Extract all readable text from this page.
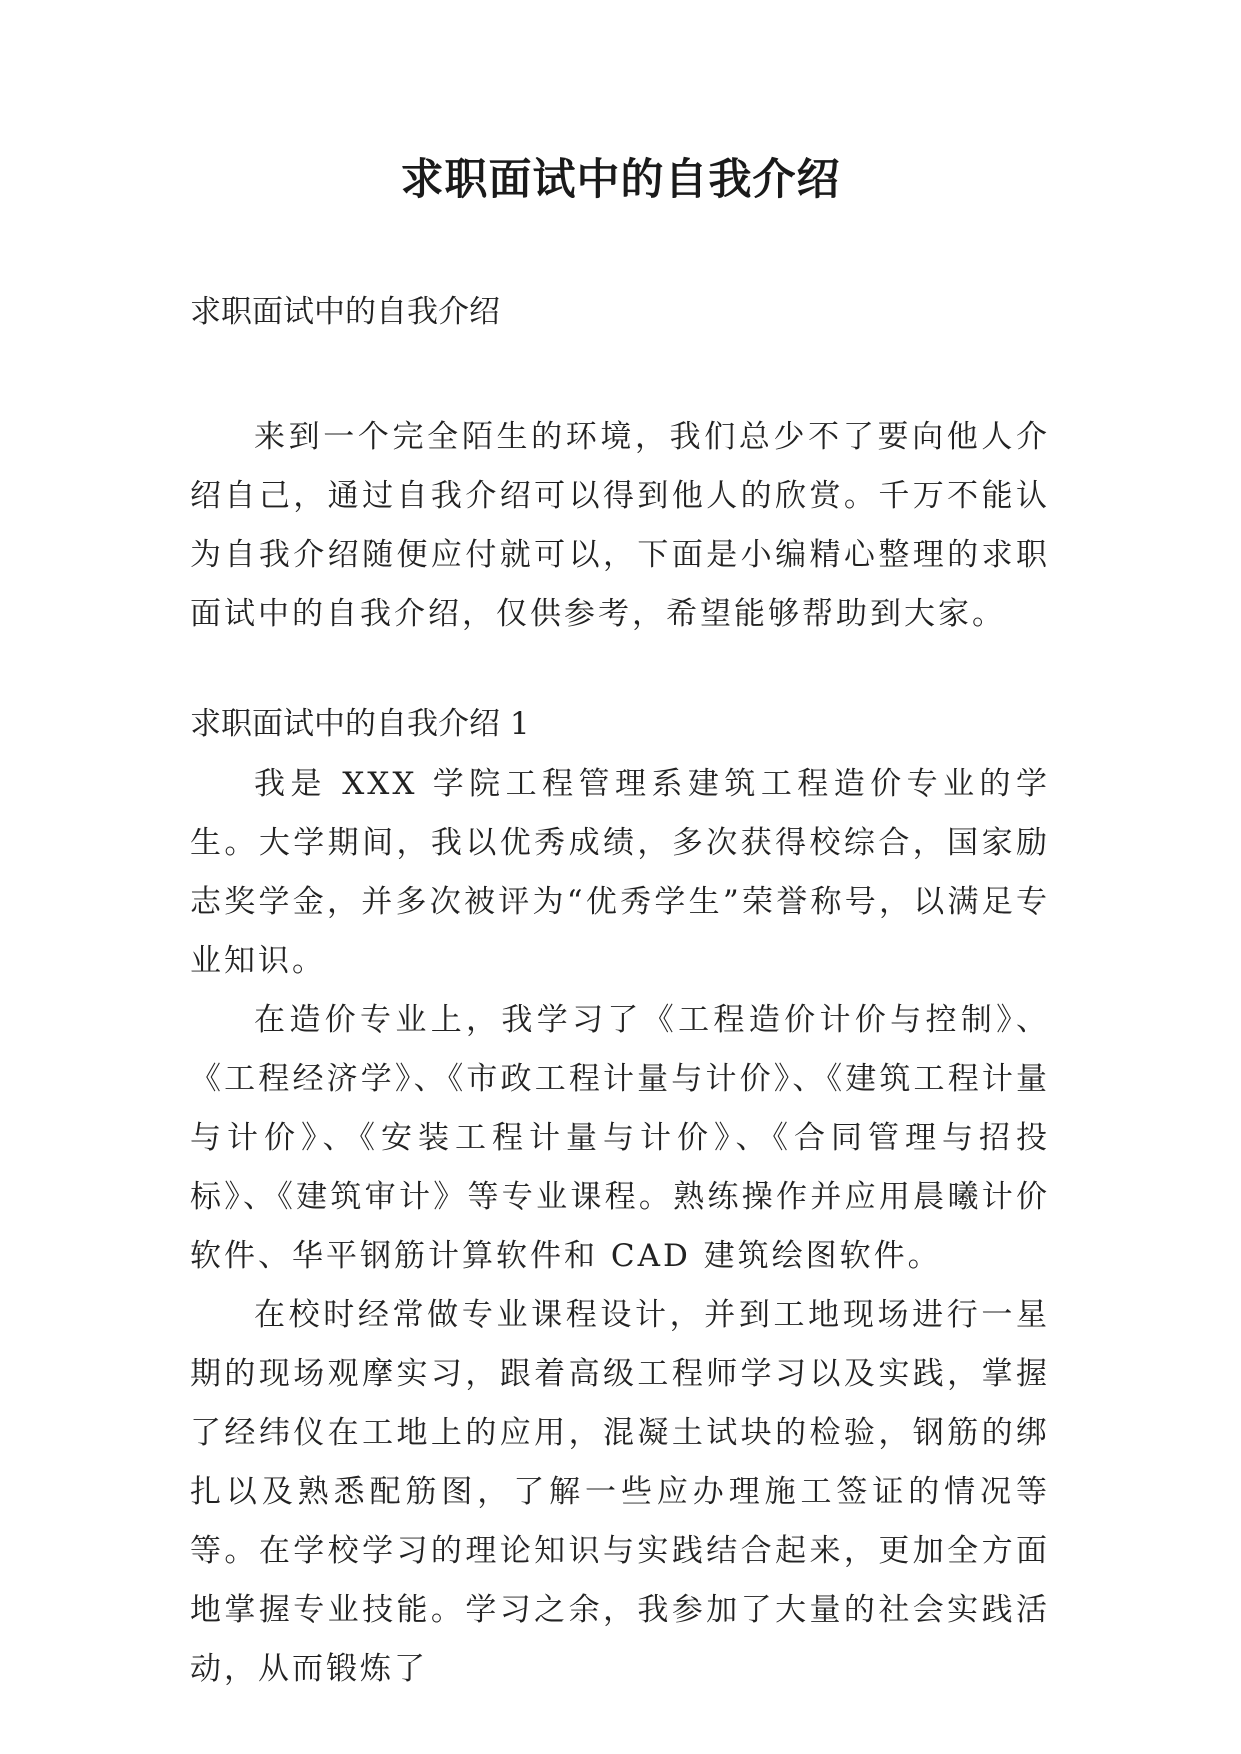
求职面试中的自我介绍

求职面试中的自我介绍

来到一个完全陌生的环境，我们总少不了要向他人介绍自己，通过自我介绍可以得到他人的欣赏。千万不能认为自我介绍随便应付就可以，下面是小编精心整理的求职面试中的自我介绍，仅供参考，希望能够帮助到大家。

求职面试中的自我介绍 1

我是 XXX 学院工程管理系建筑工程造价专业的学生。大学期间，我以优秀成绩，多次获得校综合，国家励志奖学金，并多次被评为“优秀学生”荣誉称号，以满足专业知识。

在造价专业上，我学习了《工程造价计价与控制》、《工程经济学》、《市政工程计量与计价》、《建筑工程计量与计价》、《安装工程计量与计价》、《合同管理与招投标》、《建筑审计》等专业课程。熟练操作并应用晨曦计价软件、华平钢筋计算软件和 CAD 建筑绘图软件。

在校时经常做专业课程设计，并到工地现场进行一星期的现场观摩实习，跟着高级工程师学习以及实践，掌握了经纬仪在工地上的应用，混凝土试块的检验，钢筋的绑扎以及熟悉配筋图，了解一些应办理施工签证的情况等等。在学校学习的理论知识与实践结合起来，更加全方面地掌握专业技能。学习之余，我参加了大量的社会实践活动，从而锻炼了
